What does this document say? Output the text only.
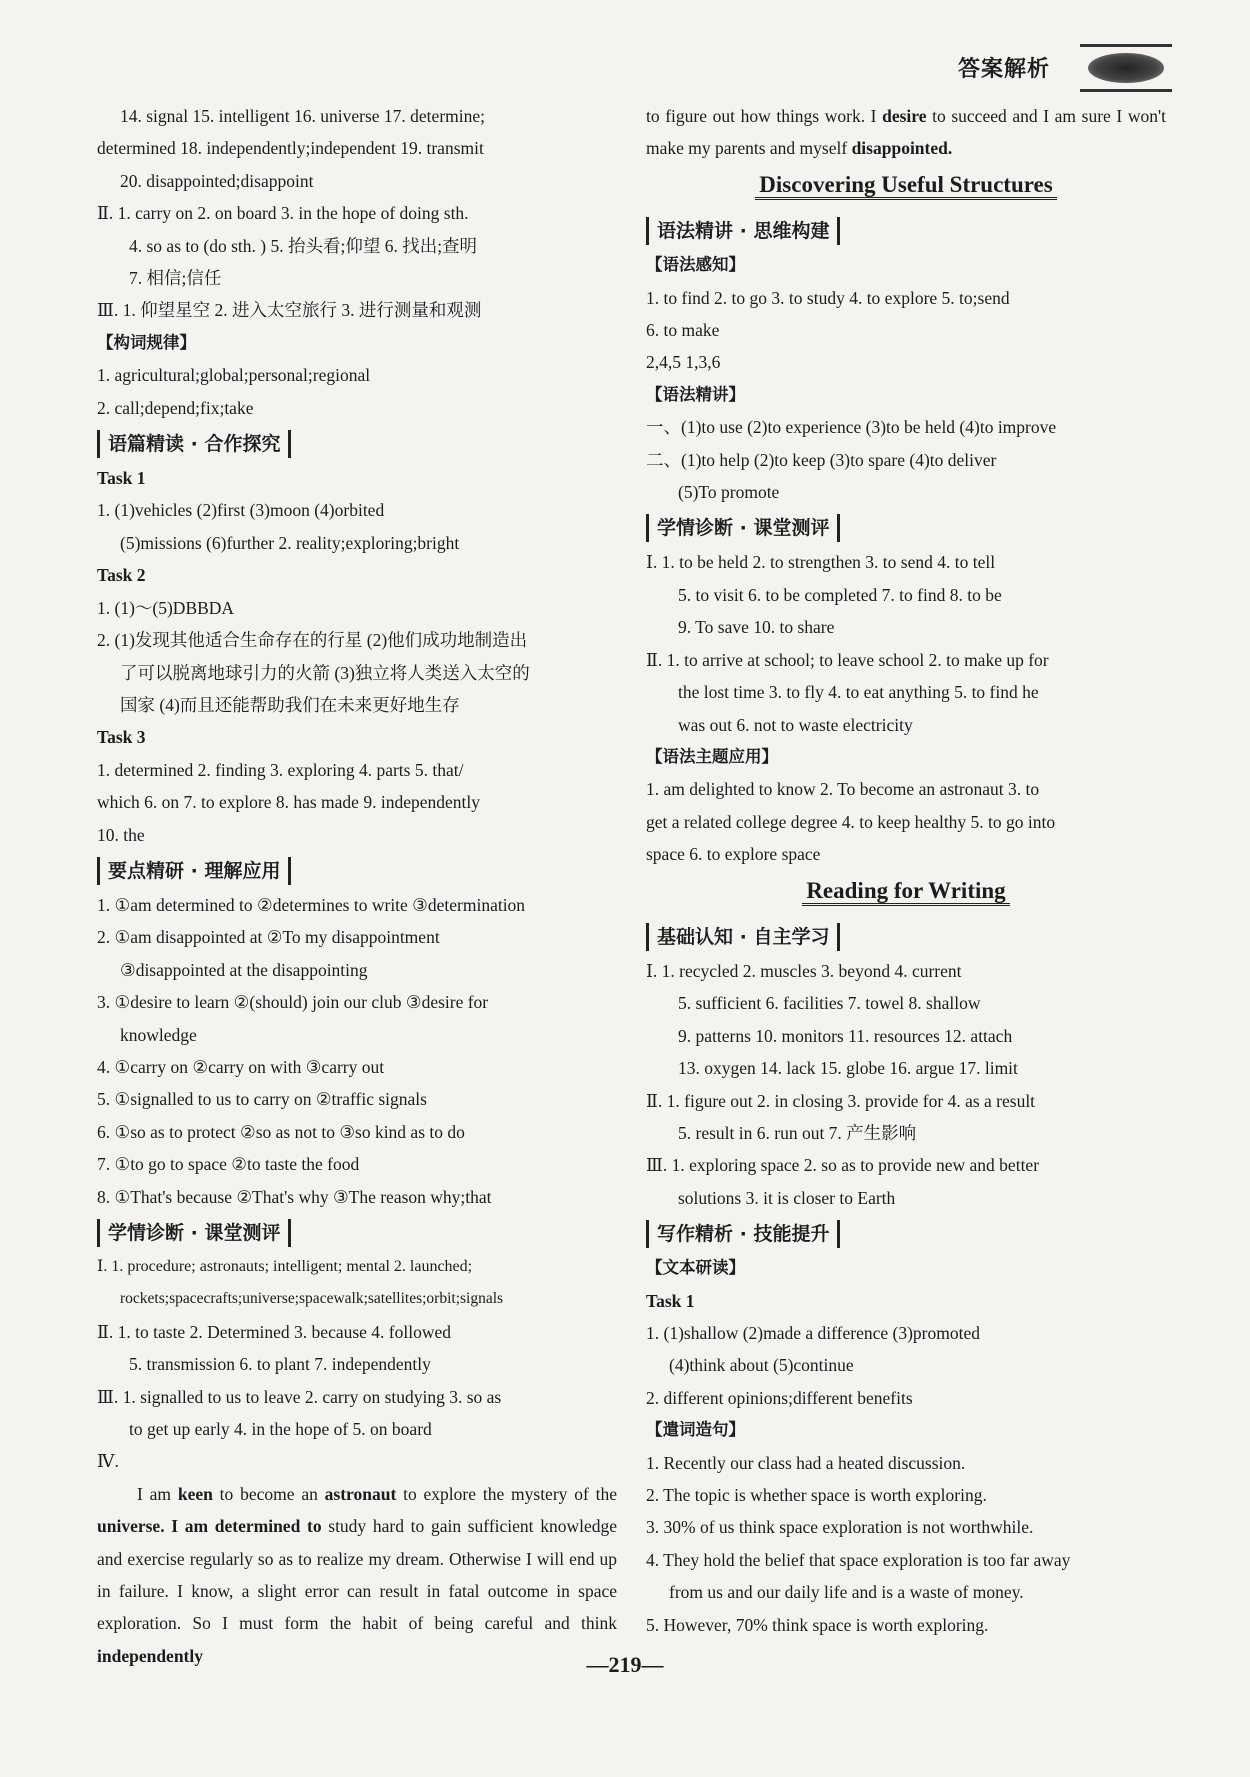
答案解析
14. signal 15. intelligent 16. universe 17. determine;
determined 18. independently;independent 19. transmit
20. disappointed;disappoint
Ⅱ. 1. carry on 2. on board 3. in the hope of doing sth.
4. so as to (do sth. ) 5. 抬头看;仰望 6. 找出;查明
7. 相信;信任
Ⅲ. 1. 仰望星空 2. 进入太空旅行 3. 进行测量和观测
【构词规律】
1. agricultural;global;personal;regional
2. call;depend;fix;take
语篇精读 · 合作探究
Task 1
1. (1)vehicles (2)first (3)moon (4)orbited
(5)missions (6)further 2. reality;exploring;bright
Task 2
1. (1)～(5)DBBDA
2. (1)发现其他适合生命存在的行星 (2)他们成功地制造出
了可以脱离地球引力的火箭 (3)独立将人类送入太空的
国家 (4)而且还能帮助我们在未来更好地生存
Task 3
1. determined 2. finding 3. exploring 4. parts 5. that/
which 6. on 7. to explore 8. has made 9. independently
10. the
要点精研 · 理解应用
1. ①am determined to ②determines to write ③determination
2. ①am disappointed at ②To my disappointment
③disappointed at the disappointing
3. ①desire to learn ②(should) join our club ③desire for
knowledge
4. ①carry on ②carry on with ③carry out
5. ①signalled to us to carry on ②traffic signals
6. ①so as to protect ②so as not to ③so kind as to do
7. ①to go to space ②to taste the food
8. ①That's because ②That's why ③The reason why;that
学情诊断 · 课堂测评
Ⅰ. 1. procedure; astronauts; intelligent; mental 2. launched;
rockets;spacecrafts;universe;spacewalk;satellites;orbit;signals
Ⅱ. 1. to taste 2. Determined 3. because 4. followed
5. transmission 6. to plant 7. independently
Ⅲ. 1. signalled to us to leave 2. carry on studying 3. so as
to get up early 4. in the hope of 5. on board
Ⅳ.
I am keen to become an astronaut to explore the mystery of the universe. I am determined to study hard to gain sufficient knowledge and exercise regularly so as to realize my dream. Otherwise I will end up in failure. I know, a slight error can result in fatal outcome in space exploration. So I must form the habit of being careful and think independently
to figure out how things work. I desire to succeed and I am sure I won't make my parents and myself disappointed.
Discovering Useful Structures
语法精讲 · 思维构建
【语法感知】
1. to find 2. to go 3. to study 4. to explore 5. to;send
6. to make
2,4,5 1,3,6
【语法精讲】
一、(1)to use (2)to experience (3)to be held (4)to improve
二、(1)to help (2)to keep (3)to spare (4)to deliver
(5)To promote
学情诊断 · 课堂测评
Ⅰ. 1. to be held 2. to strengthen 3. to send 4. to tell
5. to visit 6. to be completed 7. to find 8. to be
9. To save 10. to share
Ⅱ. 1. to arrive at school; to leave school 2. to make up for
the lost time 3. to fly 4. to eat anything 5. to find he
was out 6. not to waste electricity
【语法主题应用】
1. am delighted to know 2. To become an astronaut 3. to
get a related college degree 4. to keep healthy 5. to go into
space 6. to explore space
Reading for Writing
基础认知 · 自主学习
Ⅰ. 1. recycled 2. muscles 3. beyond 4. current
5. sufficient 6. facilities 7. towel 8. shallow
9. patterns 10. monitors 11. resources 12. attach
13. oxygen 14. lack 15. globe 16. argue 17. limit
Ⅱ. 1. figure out 2. in closing 3. provide for 4. as a result
5. result in 6. run out 7. 产生影响
Ⅲ. 1. exploring space 2. so as to provide new and better
solutions 3. it is closer to Earth
写作精析 · 技能提升
【文本研读】
Task 1
1. (1)shallow (2)made a difference (3)promoted
(4)think about (5)continue
2. different opinions;different benefits
【遣词造句】
1. Recently our class had a heated discussion.
2. The topic is whether space is worth exploring.
3. 30% of us think space exploration is not worthwhile.
4. They hold the belief that space exploration is too far away
from us and our daily life and is a waste of money.
5. However, 70% think space is worth exploring.
—219—
